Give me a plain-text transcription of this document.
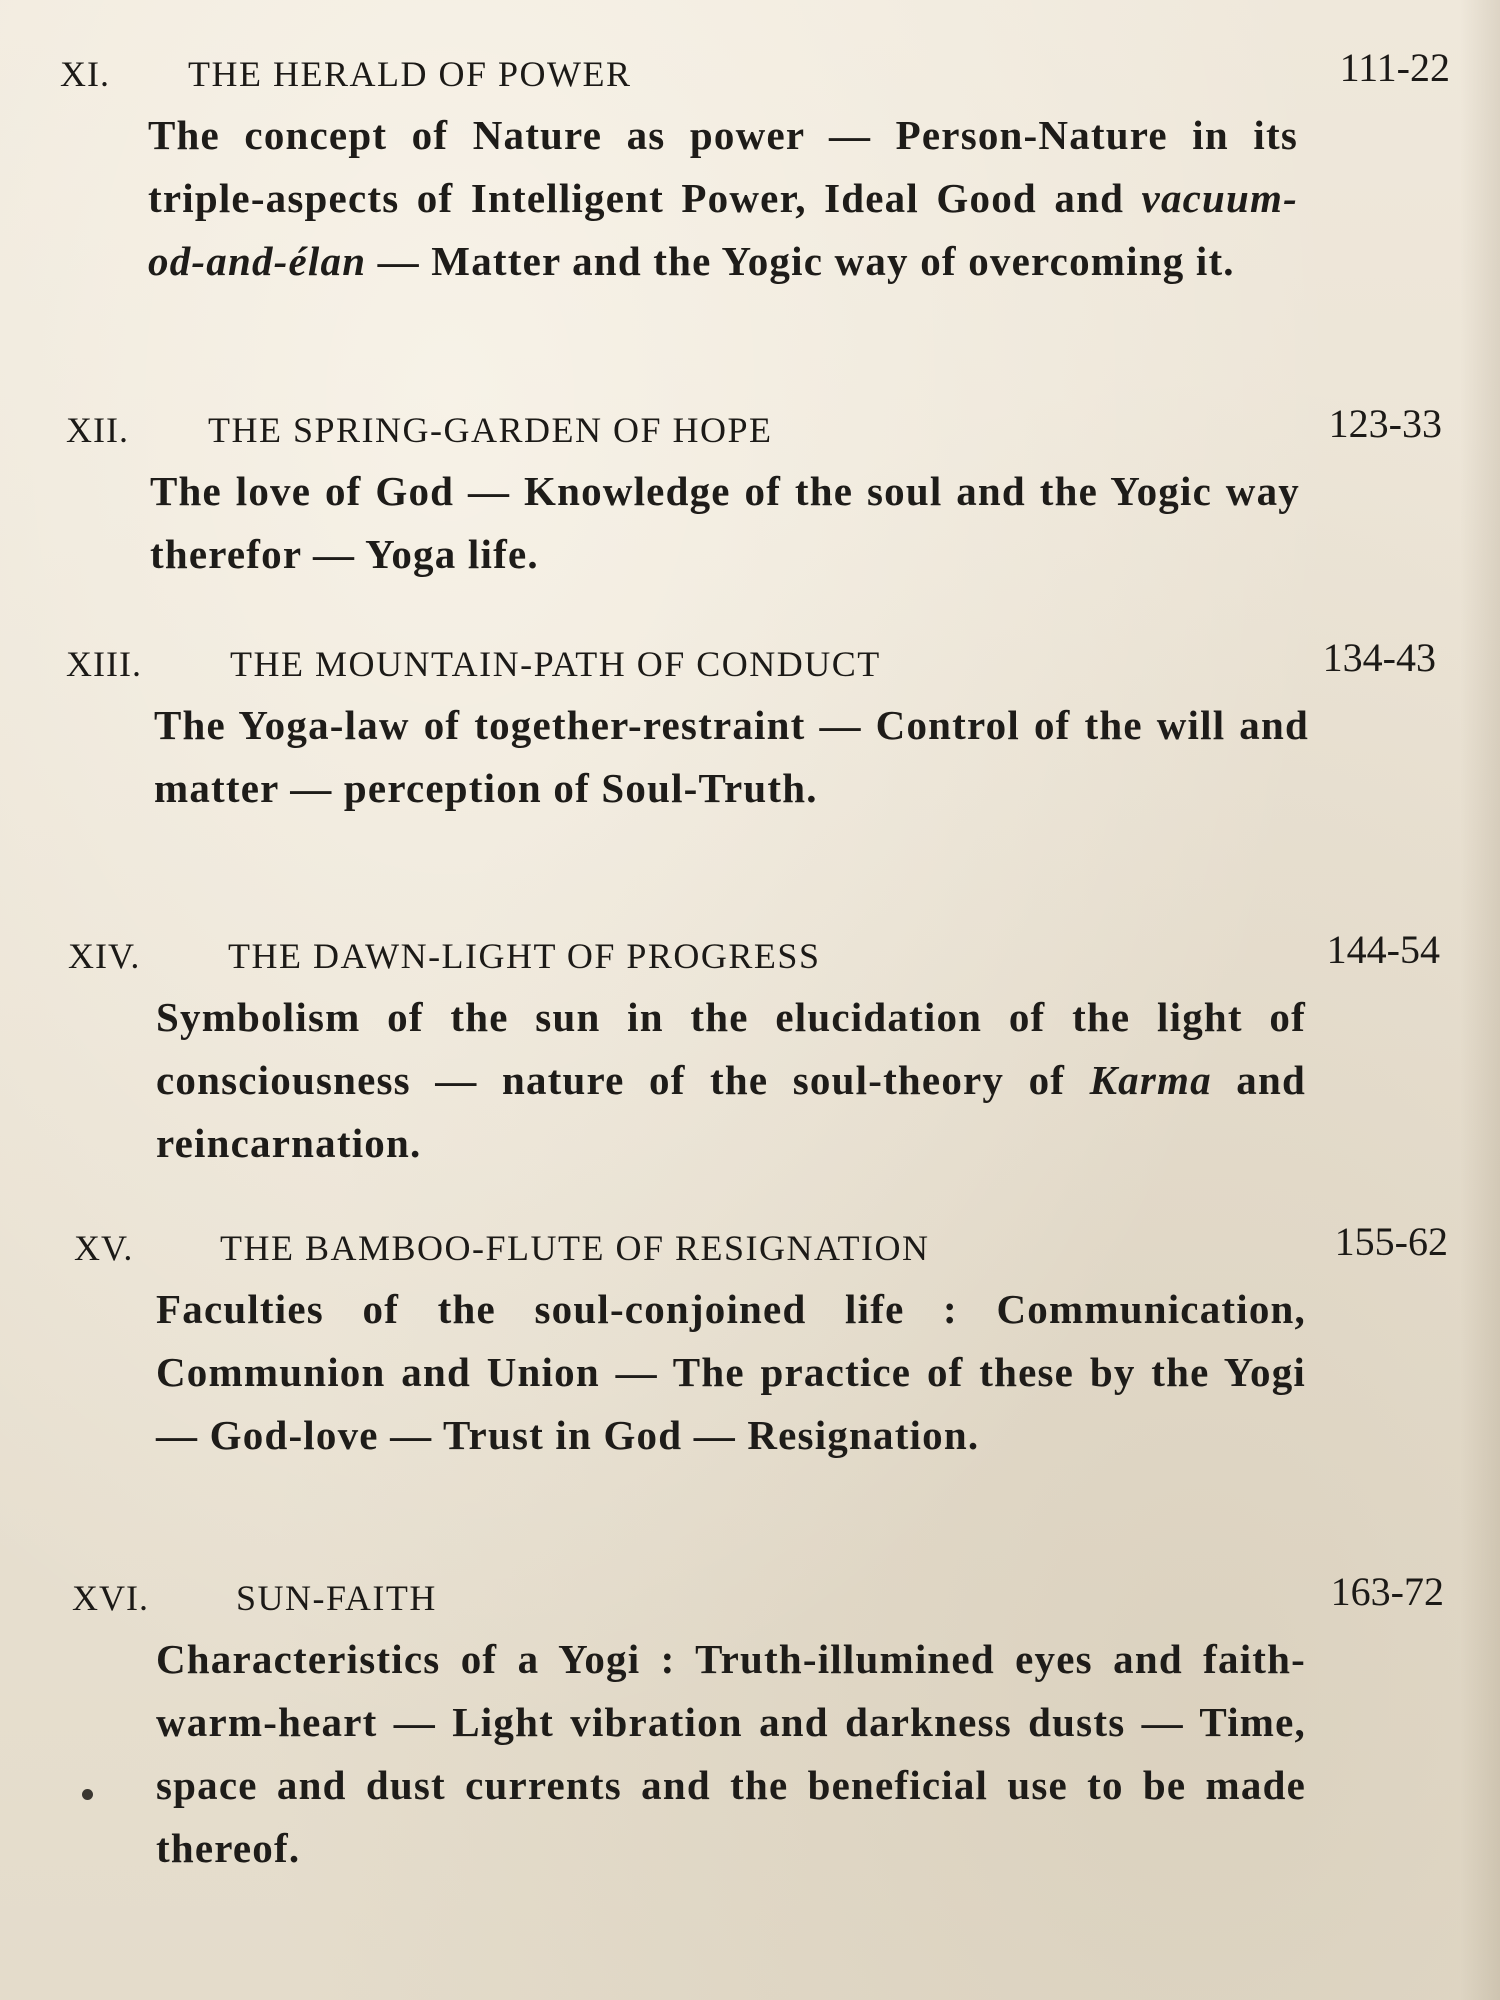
XI. THE HERALD OF POWER	111-22
The concept of Nature as power — Person-Nature in its triple-aspects of Intelligent Power, Ideal Good and vacuum-od-and-élan — Matter and the Yogic way of overcoming it.
XII. THE SPRING-GARDEN OF HOPE	123-33
The love of God — Knowledge of the soul and the Yogic way therefor — Yoga life.
XIII. THE MOUNTAIN-PATH OF CONDUCT	134-43
The Yoga-law of together-restraint — Control of the will and matter — perception of Soul-Truth.
XIV. THE DAWN-LIGHT OF PROGRESS	144-54
Symbolism of the sun in the elucidation of the light of consciousness — nature of the soul-theory of Karma and reincarnation.
XV. THE BAMBOO-FLUTE OF RESIGNATION	155-62
Faculties of the soul-conjoined life : Communication, Communion and Union — The practice of these by the Yogi — God-love — Trust in God — Resignation.
XVI. SUN-FAITH	163-72
Characteristics of a Yogi : Truth-illumined eyes and faith-warm-heart — Light vibration and darkness dusts — Time, space and dust currents and the beneficial use to be made thereof.
